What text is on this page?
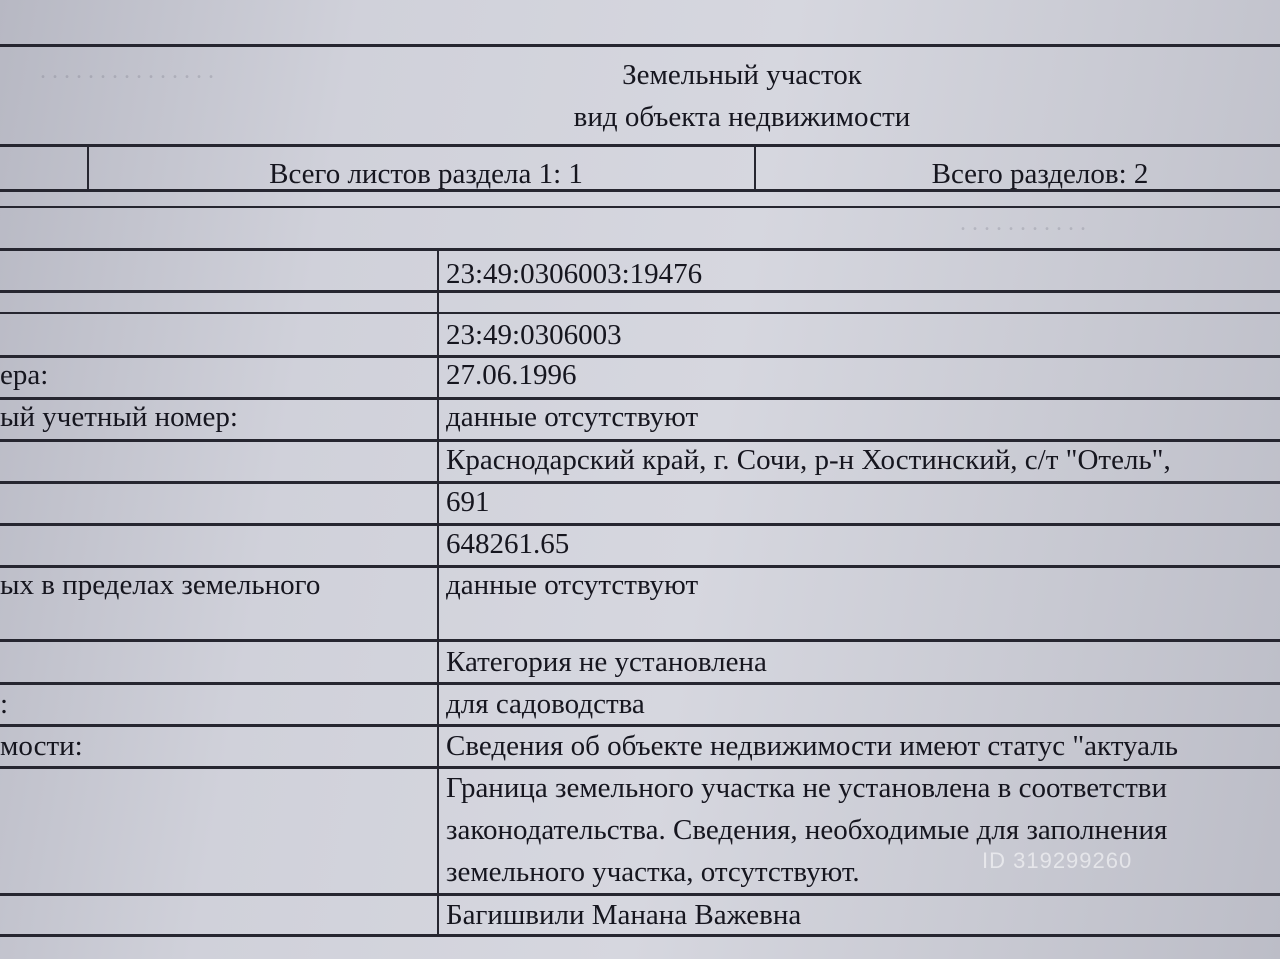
. . . . . . . . . . . . . . .
. . . . . . . . . . .
Земельный участок
вид объекта недвижимости
Всего листов раздела 1: 1	Всего разделов: 2
ера:
ый учетный номер:
ых в пределах земельного
:
мости:
23:49:0306003:19476
23:49:0306003
27.06.1996
данные отсутствуют
Краснодарский край, г. Сочи, р-н Хостинский, с/т "Отель",
691
648261.65
данные отсутствуют
Категория не установлена
для садоводства
Сведения об объекте недвижимости имеют статус "актуаль
Граница земельного участка не установлена в соответстви
законодательства. Сведения, необходимые для заполнения
земельного участка, отсутствуют.
Багишвили Манана Важевна
ID 319299260
